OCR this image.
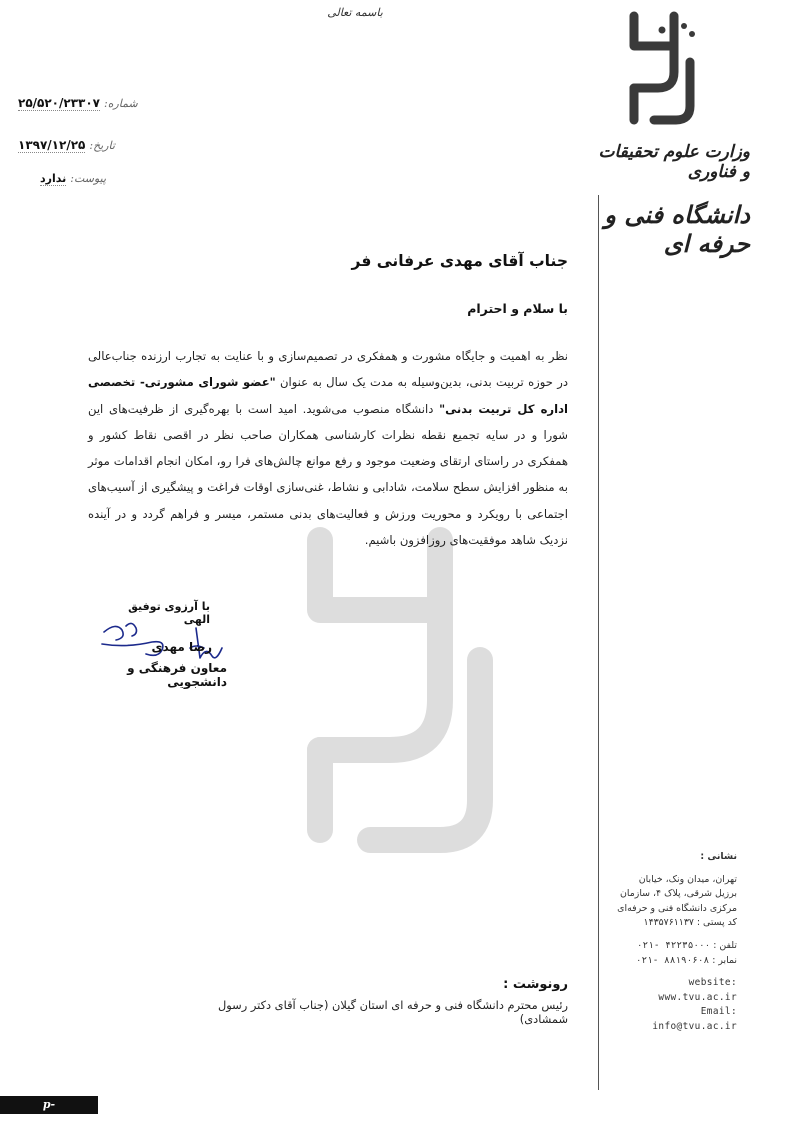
باسمه تعالی
۲۵/۵۲۰/۲۳۳۰۷ شماره:
۱۳۹۷/۱۲/۲۵ تاریخ:
ندارد پیوست:
وزارت علوم تحقیقات و فناوری
دانشگاه فنی و حرفه ای
جناب آقای مهدی عرفانی فر
با سلام و احترام

نظر به اهمیت و جایگاه مشورت و همفکری در تصمیم‌سازی و با عنایت به تجارب ارزنده جناب‌عالی در حوزه تربیت بدنی، بدین‌وسیله به مدت یک سال به عنوان "عضو شورای مشورتی- تخصصی اداره کل تربیت بدنی" دانشگاه منصوب می‌شوید. امید است با بهره‌گیری از ظرفیت‌های این شورا و در سایه تجمیع نقطه نظرات کارشناسی همکاران صاحب نظر در اقصی نقاط کشور و همفکری در راستای ارتقای وضعیت موجود و رفع موانع چالش‌های فرا رو، امکان انجام اقدامات موثر به منظور افزایش سطح سلامت، شادابی و نشاط، غنی‌سازی اوقات فراغت و پیشگیری از آسیب‌های اجتماعی با رویکرد و محوریت ورزش و فعالیت‌های بدنی مستمر، میسر و فراهم گردد و در آینده نزدیک شاهد موفقیت‌های روزافزون باشیم.

با آرزوی توفیق الهی
رضا مهدی
معاون فرهنگی و دانشجویی
رونوشت :
رئیس محترم دانشگاه فنی و حرفه ای استان گیلان (جناب آقای دکتر رسول شمشادی)
نشانی :
تهران، میدان ونک، خیابان
برزیل شرقی، پلاک ۴، سازمان
مرکزی دانشگاه فنی و حرفه‌ای
کد پستی : ۱۴۳۵۷۶۱۱۳۷
تلفن : ۰۲۱- ۴۲۲۳۵۰۰۰
نمابر : ۰۲۱- ۸۸۱۹۰۶۰۸
website: www.tvu.ac.ir
Email: info@tvu.ac.ir
p-rasht.tvu.ac.ir
